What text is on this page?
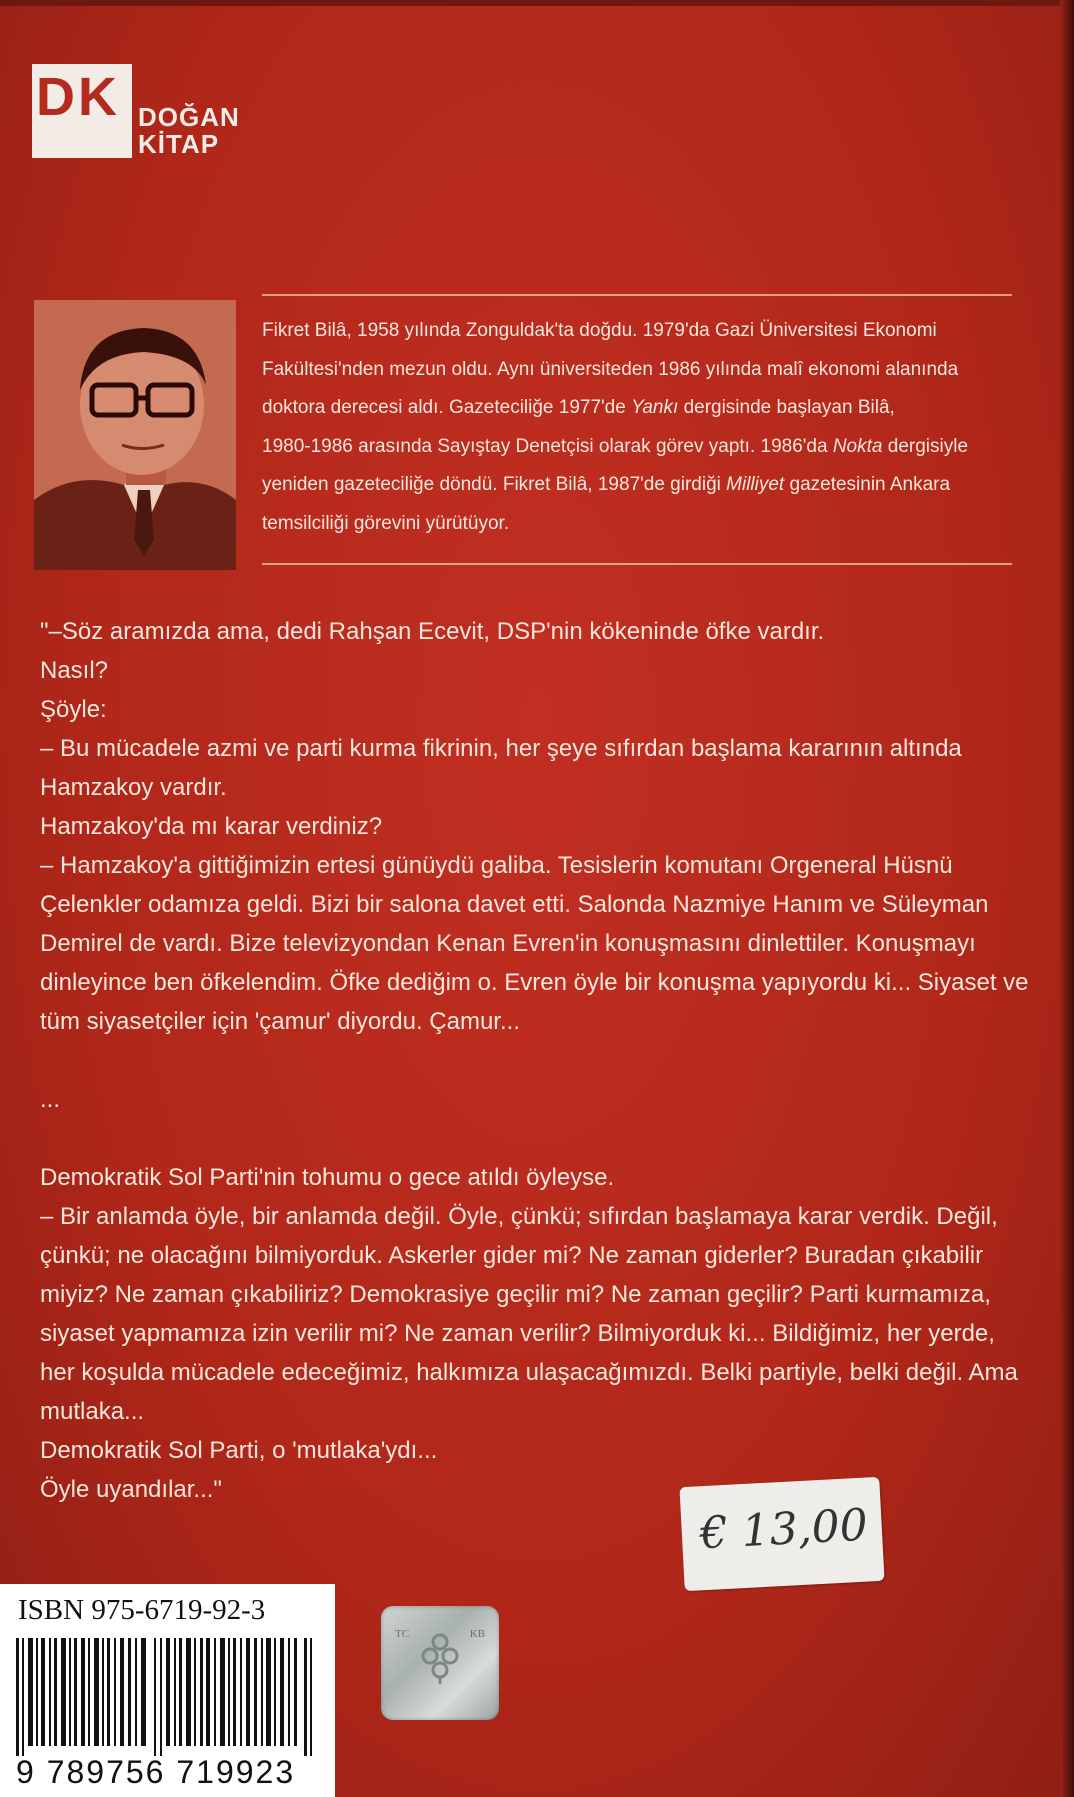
D K DOĞAN
KİTAP
Fikret Bilâ, 1958 yılında Zonguldak'ta doğdu. 1979'da Gazi Üniversitesi Ekonomi
Fakültesi'nden mezun oldu. Aynı üniversiteden 1986 yılında malî ekonomi alanında
doktora derecesi aldı. Gazeteciliğe 1977'de Yankı dergisinde başlayan Bilâ,
1980-1986 arasında Sayıştay Denetçisi olarak görev yaptı. 1986'da Nokta dergisiyle
yeniden gazeteciliğe döndü. Fikret Bilâ, 1987'de girdiği Milliyet gazetesinin Ankara
temsilciliği görevini yürütüyor.
"–Söz aramızda ama, dedi Rahşan Ecevit, DSP'nin kökeninde öfke vardır.
Nasıl?
Şöyle:
– Bu mücadele azmi ve parti kurma fikrinin, her şeye sıfırdan başlama kararının altında
Hamzakoy vardır.
Hamzakoy'da mı karar verdiniz?
– Hamzakoy'a gittiğimizin ertesi günüydü galiba. Tesislerin komutanı Orgeneral Hüsnü
Çelenkler odamıza geldi. Bizi bir salona davet etti. Salonda Nazmiye Hanım ve Süleyman
Demirel de vardı. Bize televizyondan Kenan Evren'in konuşmasını dinlettiler. Konuşmayı
dinleyince ben öfkelendim. Öfke dediğim o. Evren öyle bir konuşma yapıyordu ki... Siyaset ve
tüm siyasetçiler için 'çamur' diyordu. Çamur...
...
Demokratik Sol Parti'nin tohumu o gece atıldı öyleyse.
– Bir anlamda öyle, bir anlamda değil. Öyle, çünkü; sıfırdan başlamaya karar verdik. Değil,
çünkü; ne olacağını bilmiyorduk. Askerler gider mi? Ne zaman giderler? Buradan çıkabilir
miyiz? Ne zaman çıkabiliriz? Demokrasiye geçilir mi? Ne zaman geçilir? Parti kurmamıza,
siyaset yapmamıza izin verilir mi? Ne zaman verilir? Bilmiyorduk ki... Bildiğimiz, her yerde,
her koşulda mücadele edeceğimiz, halkımıza ulaşacağımızdı. Belki partiyle, belki değil. Ama
mutlaka...
Demokratik Sol Parti, o 'mutlaka'ydı...
Öyle uyandılar..."
€ 13,00
ISBN 975-6719-92-3
9 789756 719923
TC	KB
